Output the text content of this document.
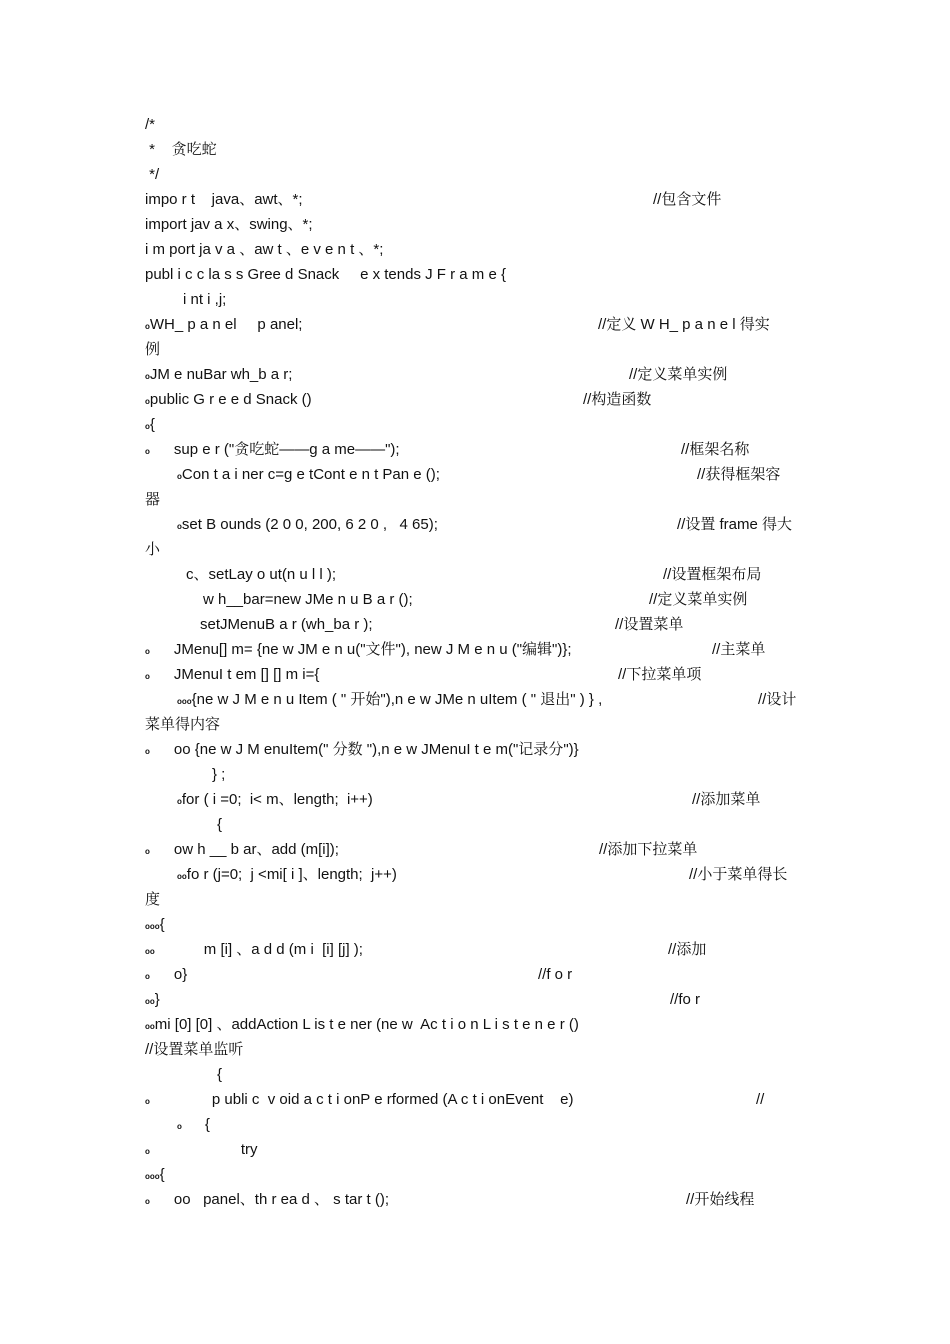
/*
*    贪吃蛇
*/
impo r t    java、awt、*;	//包含文件
import jav a x、swing、*;
i m port ja v a 、aw t 、e v e n t 、*;
publ i c c la s s Gree d Snack     e x tends J F r a m e {
i nt i ,j;
oWH_ p a n el     p anel;	//定义 W H_ p a n e l 得实
例
oJM e nuBar wh_b a r;	//定义菜单实例
opublic G r e e d Snack ()	//构造函数
o{
o sup e r ("贪吃蛇——g a me——");	//框架名称
oCon t a i ner c=g e tCont e n t Pan e ();	//获得框架容
器
oset B ounds (2 0 0, 200, 6 2 0 ,   4 65);	//设置 frame 得大
小
c、setLay o ut(n u l l );	//设置框架布局
w h__bar=new JMe n u B a r ();	//定义菜单实例
setJMenuB a r (wh_ba r );	//设置菜单
o JMenu[] m= {ne w JM e n u("文件"), new J M e n u ("编辑")};	//主菜单
o JMenuI t em [] [] m i={	//下拉菜单项
ooo{ne w J M e n u Item ( " 开始"),n e w JMe n uItem ( " 退出" ) } ,	//设计
菜单得内容
o oo {ne w J M enuItem(" 分数 "),n e w JMenuI t e m("记录分")}
} ;
ofor ( i =0;  i< m、length;  i++)	//添加菜单
{
o ow h __ b ar、add (m[i]);	//添加下拉菜单
oofo r (j=0;  j <mi[ i ]、length;  j++)	//小于菜单得长
度
ooo{
oo	m [i] 、a d d (m i  [i] [j] );	//添加
o o}	//f o r
oo}	//fo r
oomi [0] [0] 、addAction L is t e ner (ne w  Ac t i o n L i s t e n e r ()
//设置菜单监听
{
o	p ubli c  v oid a c t i onP e rformed (A c t i onEvent    e)	//
o {
o	try
ooo{
o oo   panel、th r ea d 、 s tar t ();	//开始线程
